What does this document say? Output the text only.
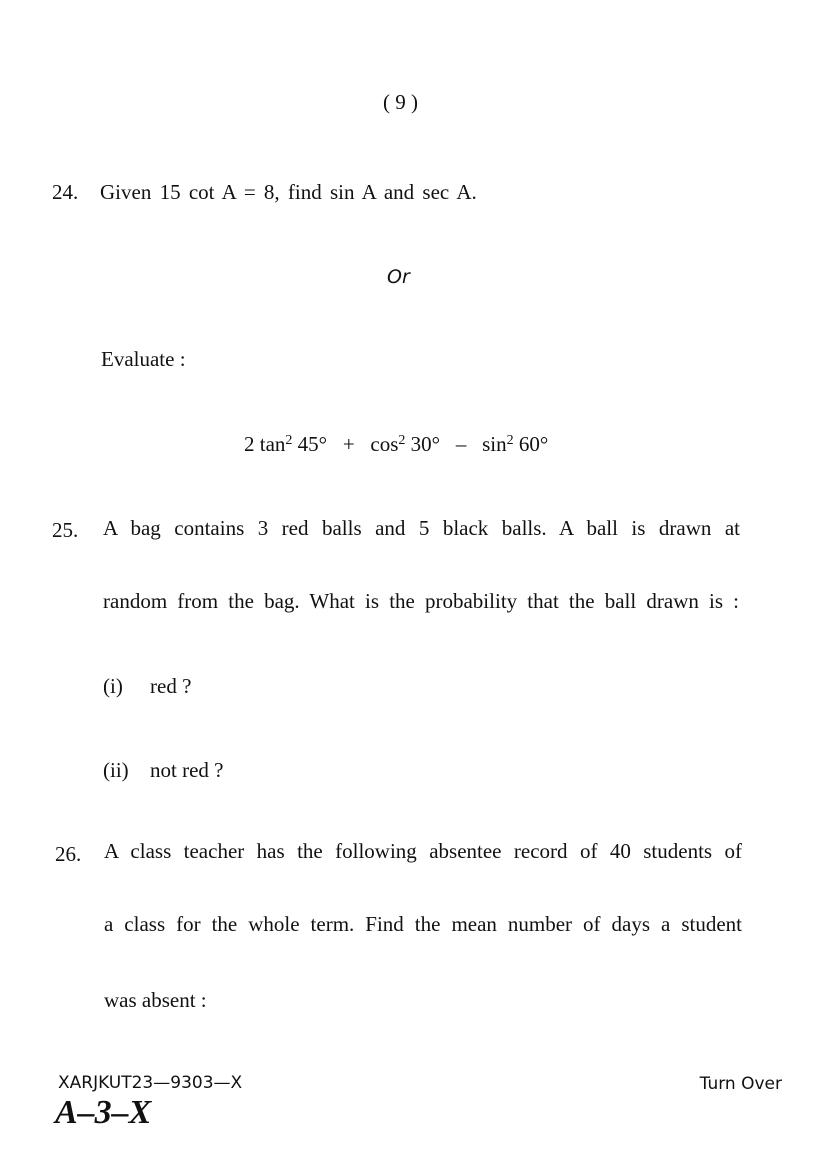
( 9 )
24. Given 15 cot A = 8, find sin A and sec A.
Or
Evaluate :
2 $\tan^2 45^\circ + \cos^2 30^\circ - \sin^2 60^\circ$
25. A bag contains 3 red balls and 5 black balls. A ball is drawn at
random from the bag. What is the probability that the ball drawn is :
(i) red ?
(ii) not red ?
26. A class teacher has the following absentee record of 40 students of
a class for the whole term. Find the mean number of days a student
was absent :
XARJKUT23—9303—X	Turn Over
A–3–X
